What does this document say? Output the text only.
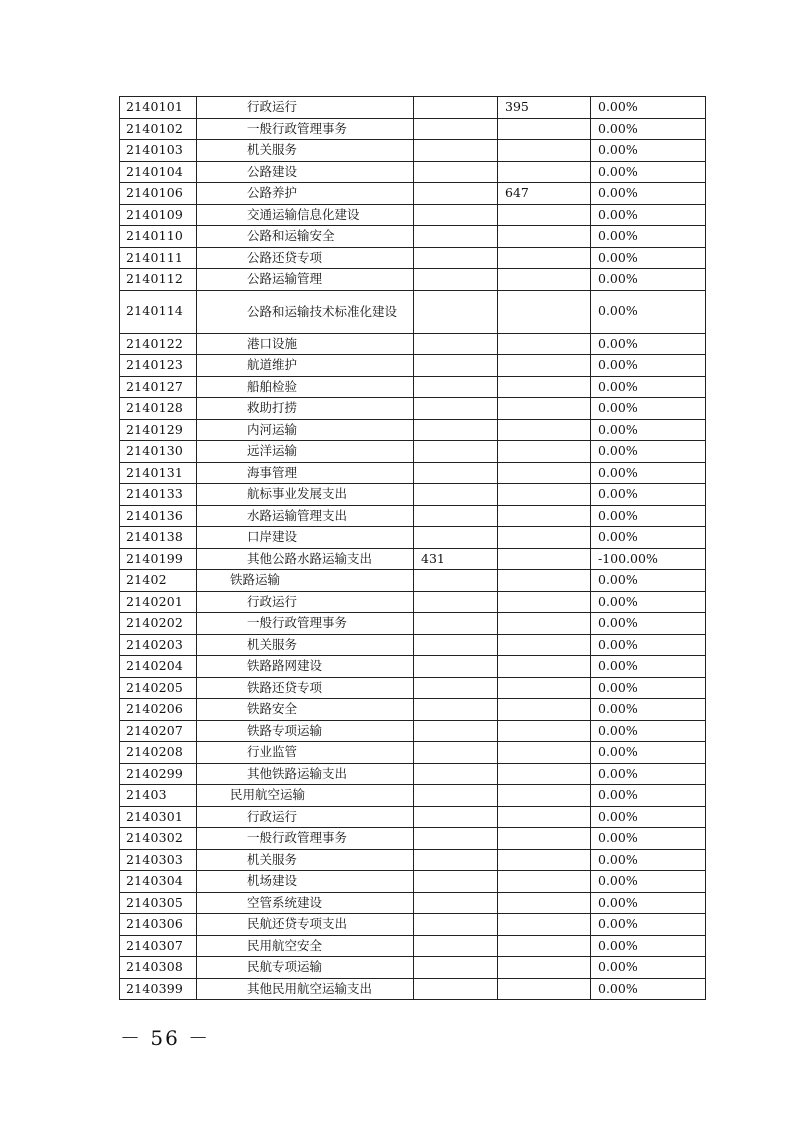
2140101	行政运行		395	0.00%
2140102	一般行政管理事务			0.00%
2140103	机关服务			0.00%
2140104	公路建设			0.00%
2140106	公路养护		647	0.00%
2140109	交通运输信息化建设			0.00%
2140110	公路和运输安全			0.00%
2140111	公路还贷专项			0.00%
2140112	公路运输管理			0.00%
2140114	公路和运输技术标准化建设			0.00%
2140122	港口设施			0.00%
2140123	航道维护			0.00%
2140127	船舶检验			0.00%
2140128	救助打捞			0.00%
2140129	内河运输			0.00%
2140130	远洋运输			0.00%
2140131	海事管理			0.00%
2140133	航标事业发展支出			0.00%
2140136	水路运输管理支出			0.00%
2140138	口岸建设			0.00%
2140199	其他公路水路运输支出	431		-100.00%
21402	铁路运输			0.00%
2140201	行政运行			0.00%
2140202	一般行政管理事务			0.00%
2140203	机关服务			0.00%
2140204	铁路路网建设			0.00%
2140205	铁路还贷专项			0.00%
2140206	铁路安全			0.00%
2140207	铁路专项运输			0.00%
2140208	行业监管			0.00%
2140299	其他铁路运输支出			0.00%
21403	民用航空运输			0.00%
2140301	行政运行			0.00%
2140302	一般行政管理事务			0.00%
2140303	机关服务			0.00%
2140304	机场建设			0.00%
2140305	空管系统建设			0.00%
2140306	民航还贷专项支出			0.00%
2140307	民用航空安全			0.00%
2140308	民航专项运输			0.00%
2140399	其他民用航空运输支出			0.00%
－ 56 －
